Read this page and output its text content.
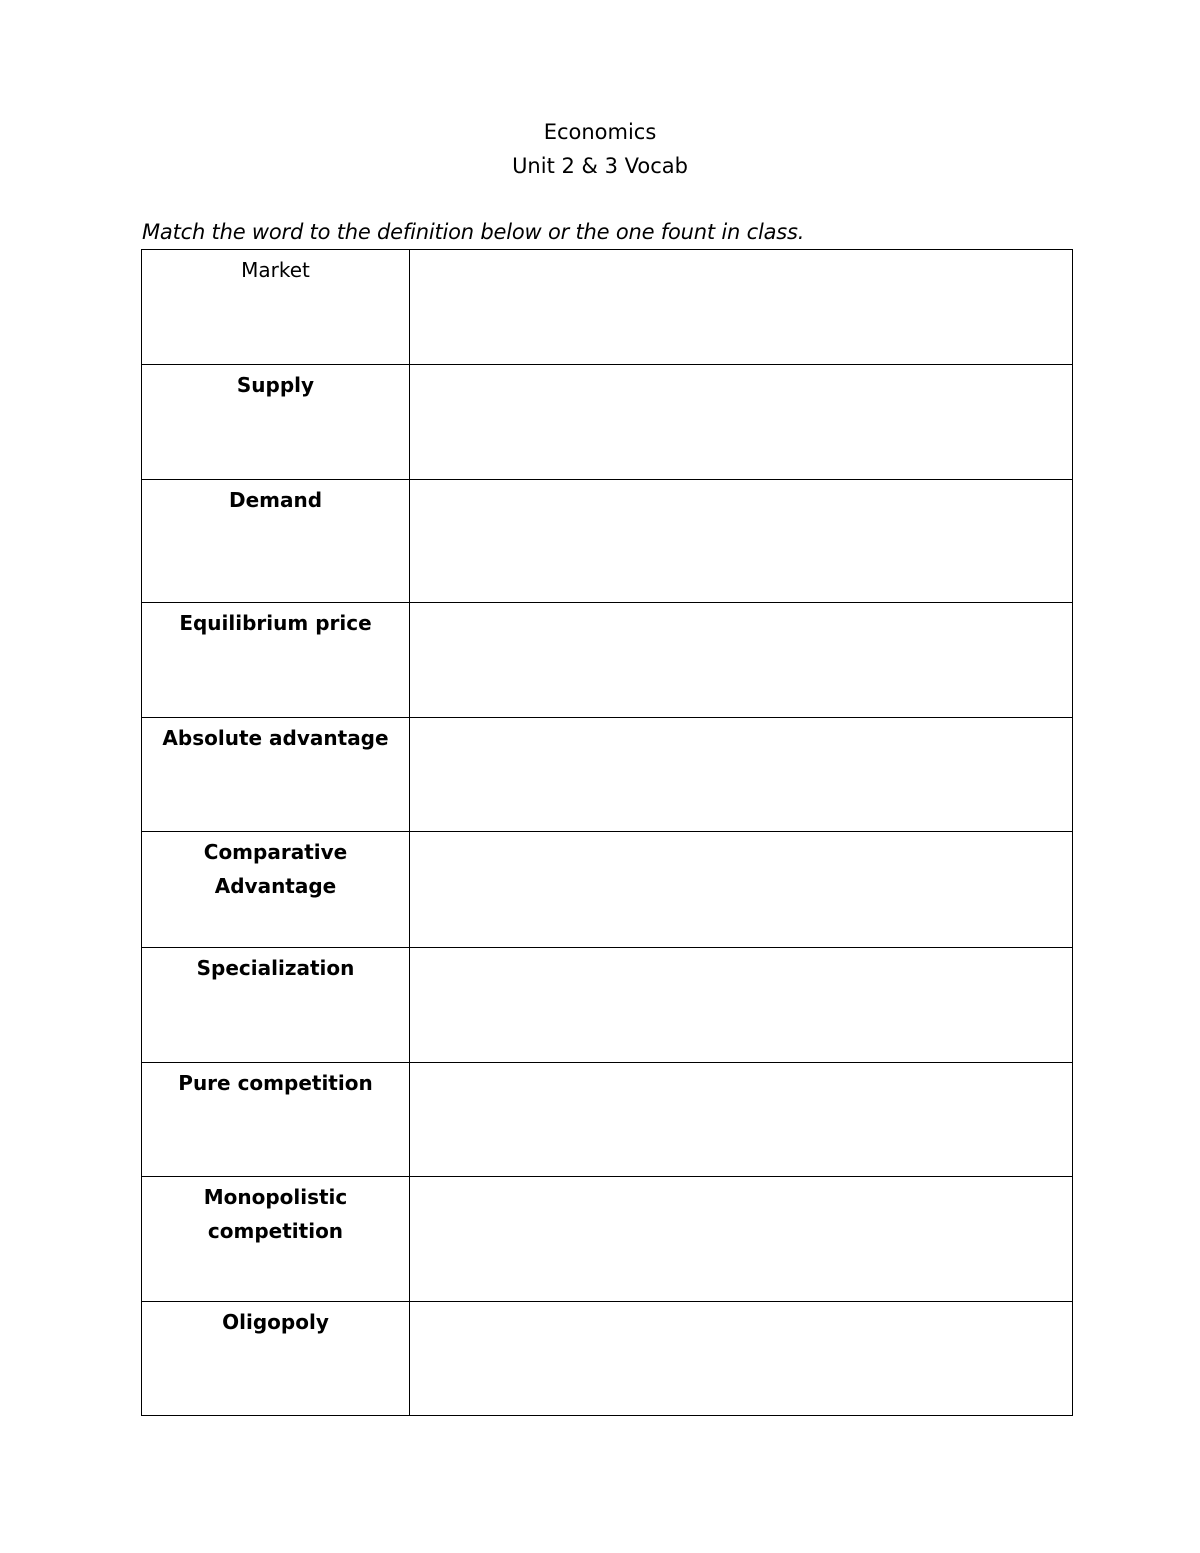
Economics
Unit 2 & 3 Vocab
Match the word to the definition below or the one fount in class.
Market	
Supply	
Demand	
Equilibrium price	
Absolute advantage	
Comparative Advantage	
Specialization	
Pure competition	
Monopolistic competition	
Oligopoly	
